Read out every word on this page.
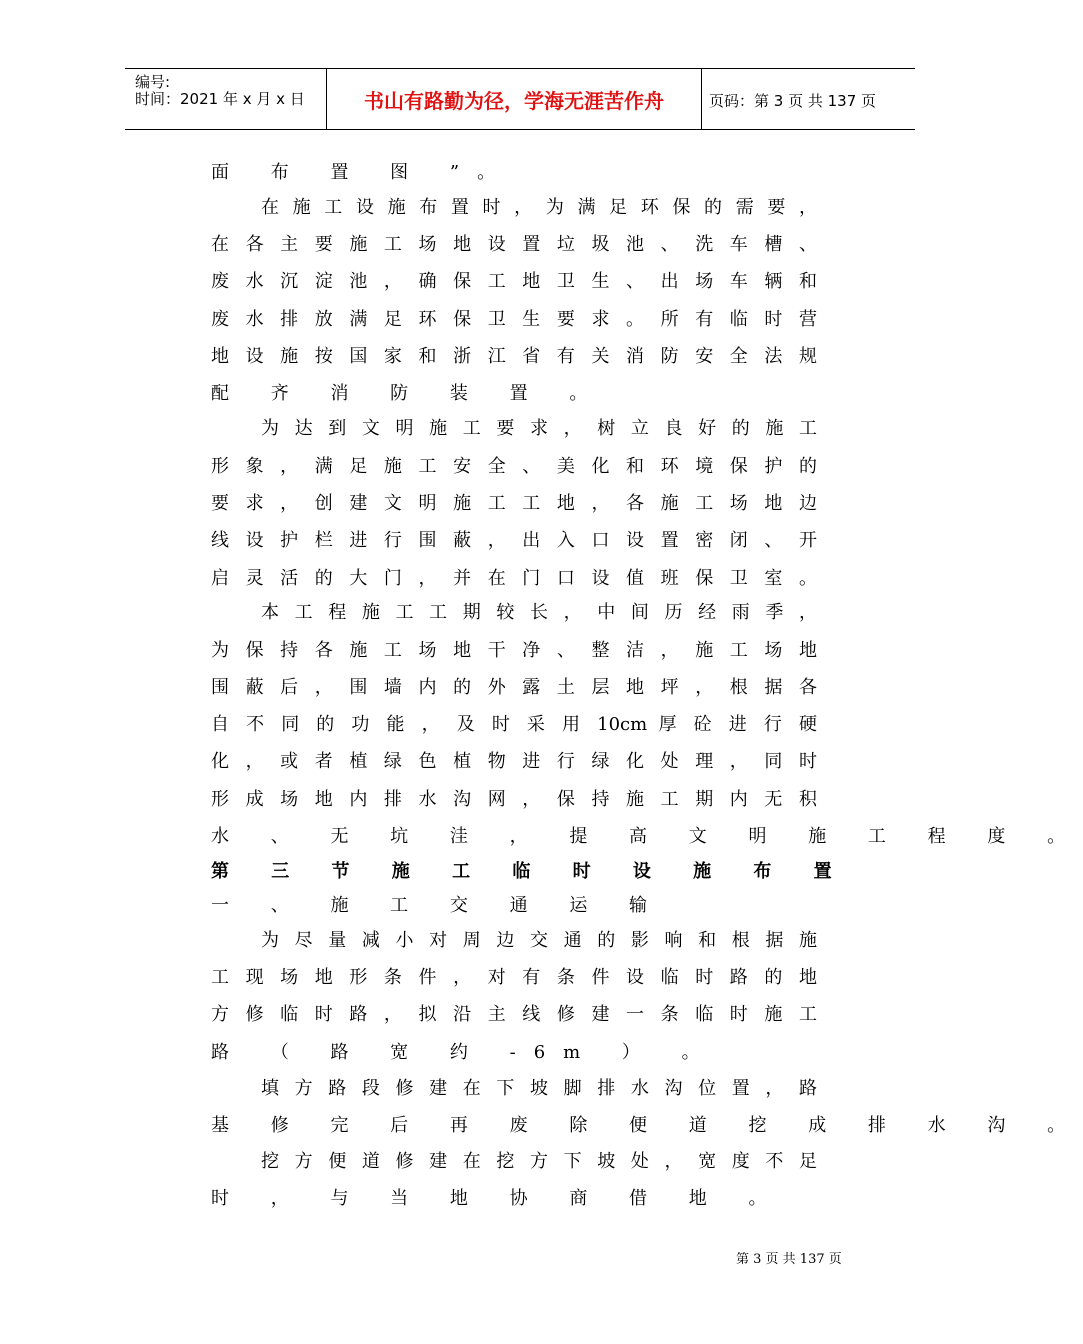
编号:
时间：2021 年 x 月 x 日	书山有路勤为径，学海无涯苦作舟	页码：第 3 页 共 137 页
面 布 置 图 ”。
在 施 工 设 施 布 置 时 ， 为 满 足 环 保 的 需 要 ，
在 各 主 要 施 工 场 地 设 置 垃 圾 池 、 洗 车 槽 、
废 水 沉 淀 池 ， 确 保 工 地 卫 生 、 出 场 车 辆 和
废 水 排 放 满 足 环 保 卫 生 要 求 。 所 有 临 时 营
地 设 施 按 国 家 和 浙 江 省 有 关 消 防 安 全 法 规
配 齐 消 防 装 置 。
为 达 到 文 明 施 工 要 求 ， 树 立 良 好 的 施 工
形 象 ， 满 足 施 工 安 全 、 美 化 和 环 境 保 护 的
要 求 ， 创 建 文 明 施 工 工 地 ， 各 施 工 场 地 边
线 设 护 栏 进 行 围 蔽 ， 出 入 口 设 置 密 闭 、 开
启 灵 活 的 大 门 ， 并 在 门 口 设 值 班 保 卫 室 。
本 工 程 施 工 工 期 较 长 ， 中 间 历 经 雨 季 ，
为 保 持 各 施 工 场 地 干 净 、 整 洁 ， 施 工 场 地
围 蔽 后 ， 围 墙 内 的 外 露 土 层 地 坪 ， 根 据 各
自 不 同 的 功 能 ， 及 时 采 用 10cm 厚 砼 进 行 硬
化 ， 或 者 植 绿 色 植 物 进 行 绿 化 处 理 ， 同 时
形 成 场 地 内 排 水 沟 网 ， 保 持 施 工 期 内 无 积
水 、 无 坑 洼 ， 提 高 文 明 施 工 程 度 。
第 三 节 施 工 临 时 设 施 布 置
一 、 施 工 交 通 运 输
为 尽 量 减 小 对 周 边 交 通 的 影 响 和 根 据 施
工 现 场 地 形 条 件 ， 对 有 条 件 设 临 时 路 的 地
方 修 临 时 路 ， 拟 沿 主 线 修 建 一 条 临 时 施 工
路 （ 路 宽 约 -6m ） 。
填 方 路 段 修 建 在 下 坡 脚 排 水 沟 位 置 ， 路
基 修 完 后 再 废 除 便 道 挖 成 排 水 沟 。
挖 方 便 道 修 建 在 挖 方 下 坡 处 ， 宽 度 不 足
时 ， 与 当 地 协 商 借 地 。
第 3 页 共 137 页
